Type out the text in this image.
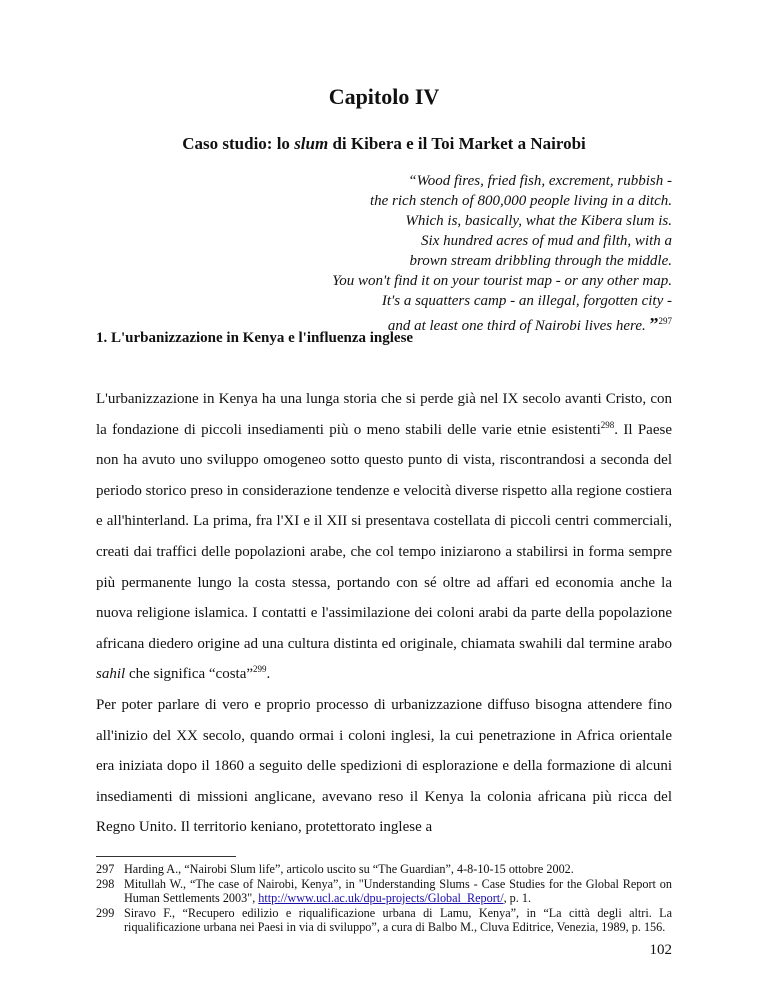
Capitolo IV
Caso studio: lo slum di Kibera e il Toi Market a Nairobi
“Wood fires, fried fish, excrement, rubbish -
the rich stench of 800,000 people living in a ditch.
Which is, basically, what the Kibera slum is.
Six hundred acres of mud and filth, with a
brown stream dribbling through the middle.
You won't find it on your tourist map - or any other map.
It's a squatters camp - an illegal, forgotten city -
and at least one third of Nairobi lives here. ”$^{297}$
1. L'urbanizzazione in Kenya e l'influenza inglese

L'urbanizzazione in Kenya ha una lunga storia che si perde già nel IX secolo avanti Cristo, con la fondazione di piccoli insediamenti più o meno stabili delle varie etnie esistenti$^{298}$. Il Paese non ha avuto uno sviluppo omogeneo sotto questo punto di vista, riscontrandosi a seconda del periodo storico preso in considerazione tendenze e velocità diverse rispetto alla regione costiera e all'hinterland. La prima, fra l'XI e il XII si presentava costellata di piccoli centri commerciali, creati dai traffici delle popolazioni arabe, che col tempo iniziarono a stabilirsi in forma sempre più permanente lungo la costa stessa, portando con sé oltre ad affari ed economia anche la nuova religione islamica. I contatti e l'assimilazione dei coloni arabi da parte della popolazione africana diedero origine ad una cultura distinta ed originale, chiamata swahili dal termine arabo sahil che significa “costa”$^{299}$.

Per poter parlare di vero e proprio processo di urbanizzazione diffuso bisogna attendere fino all'inizio del XX secolo, quando ormai i coloni inglesi, la cui penetrazione in Africa orientale era iniziata dopo il 1860 a seguito delle spedizioni di esplorazione e della formazione di alcuni insediamenti di missioni anglicane, avevano reso il Kenya la colonia africana più ricca del Regno Unito. Il territorio keniano, protettorato inglese a

297 Harding A., “Nairobi Slum life”, articolo uscito su “The Guardian”, 4-8-10-15 ottobre 2002.
298 Mitullah W., “The case of Nairobi, Kenya”, in "Understanding Slums - Case Studies for the Global Report on Human Settlements 2003", http://www.ucl.ac.uk/dpu-projects/Global_Report/, p. 1.
299 Siravo F., “Recupero edilizio e riqualificazione urbana di Lamu, Kenya”, in “La città degli altri. La riqualificazione urbana nei Paesi in via di sviluppo”, a cura di Balbo M., Cluva Editrice, Venezia, 1989, p. 156.
102
